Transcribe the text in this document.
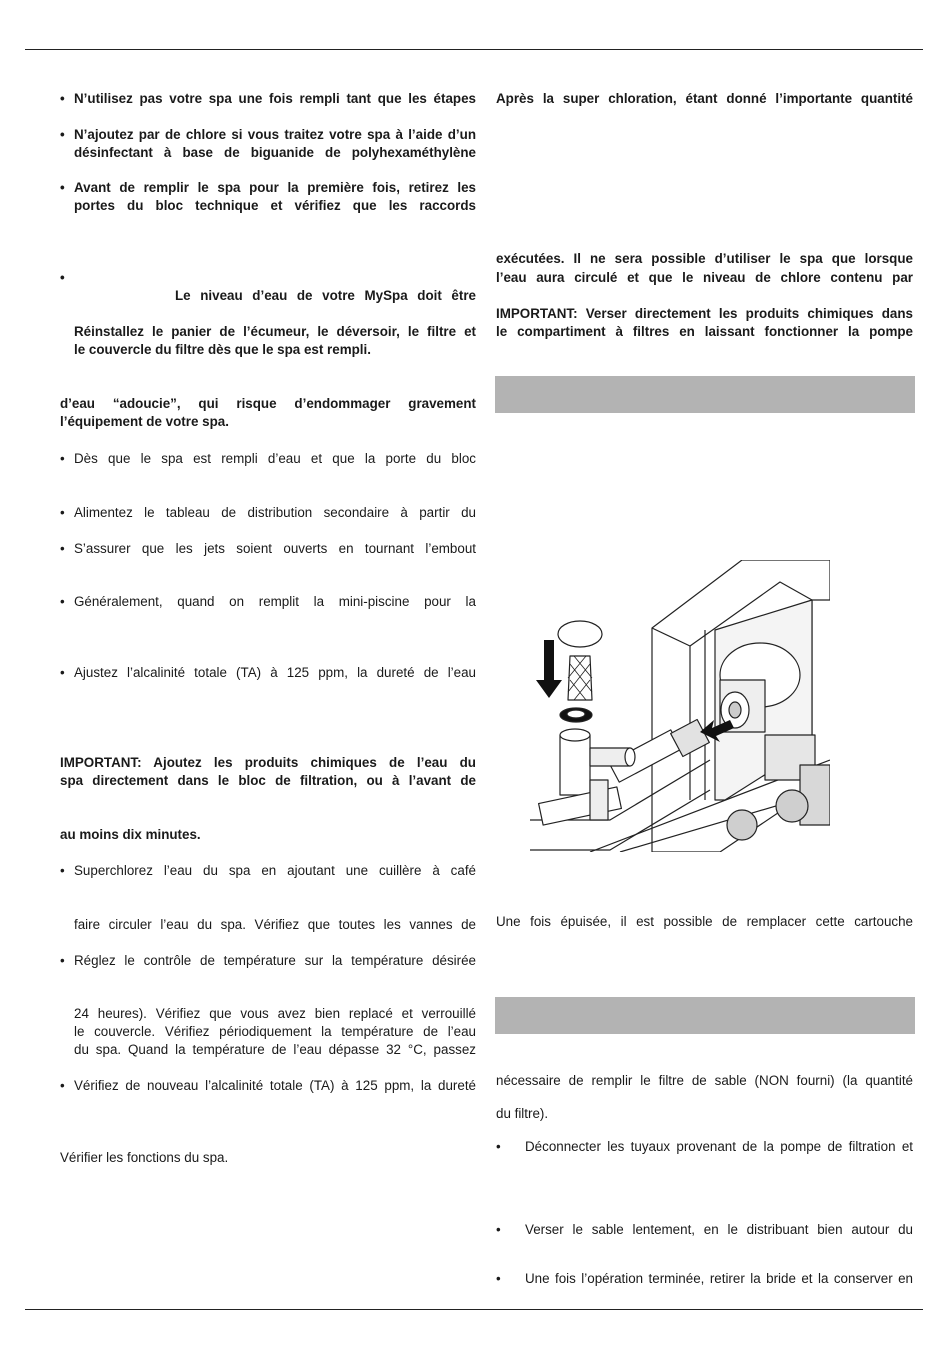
• N’utilisez pas votre spa une fois rempli tant que les étapes
• N’ajoutez par de chlore si vous traitez votre spa à l’aide d’un
désinfectant à base de biguanide de polyhexaméthylène
• Avant de remplir le spa pour la première fois, retirez les
portes du bloc technique et vérifiez que les raccords
•
Le niveau d’eau de votre MySpa doit être
Réinstallez le panier de l’écumeur, le déversoir, le filtre et
le couvercle du filtre dès que le spa est rempli.
d’eau “adoucie”, qui risque d’endommager gravement
l’équipement de votre spa.
• Dès que le spa est rempli d’eau et que la porte du bloc
• Alimentez le tableau de distribution secondaire à partir du
• S’assurer que les jets soient ouverts en tournant l’embout
• Généralement, quand on remplit la mini-piscine pour la
• Ajustez l’alcalinité totale (TA) à 125 ppm, la dureté de l’eau
IMPORTANT: Ajoutez les produits chimiques de l’eau du
spa directement dans le bloc de filtration, ou à l’avant de
au moins dix minutes.
• Superchlorez l’eau du spa en ajoutant une cuillère à café
faire circuler l’eau du spa. Vérifiez que toutes les vannes de
• Réglez le contrôle de température sur la température désirée
24 heures). Vérifiez que vous avez bien replacé et verrouillé
le couvercle. Vérifiez périodiquement la température de l’eau
du spa. Quand la température de l’eau dépasse 32 °C, passez
• Vérifiez de nouveau l’alcalinité totale (TA) à 125 ppm, la dureté
Vérifier les fonctions du spa.
Après la super chloration, étant donné l’importante quantité
exécutées. Il ne sera possible d’utiliser le spa que lorsque
l’eau aura circulé et que le niveau de chlore contenu par
IMPORTANT: Verser directement les produits chimiques dans
le compartiment à filtres en laissant fonctionner la pompe
Une fois épuisée, il est possible de remplacer cette cartouche
nécessaire de remplir le filtre de sable (NON fourni) (la quantité
du filtre).
• Déconnecter les tuyaux provenant de la pompe de filtration et
• Verser le sable lentement, en le distribuant bien autour du
• Une fois l’opération terminée, retirer la bride et la conserver en
